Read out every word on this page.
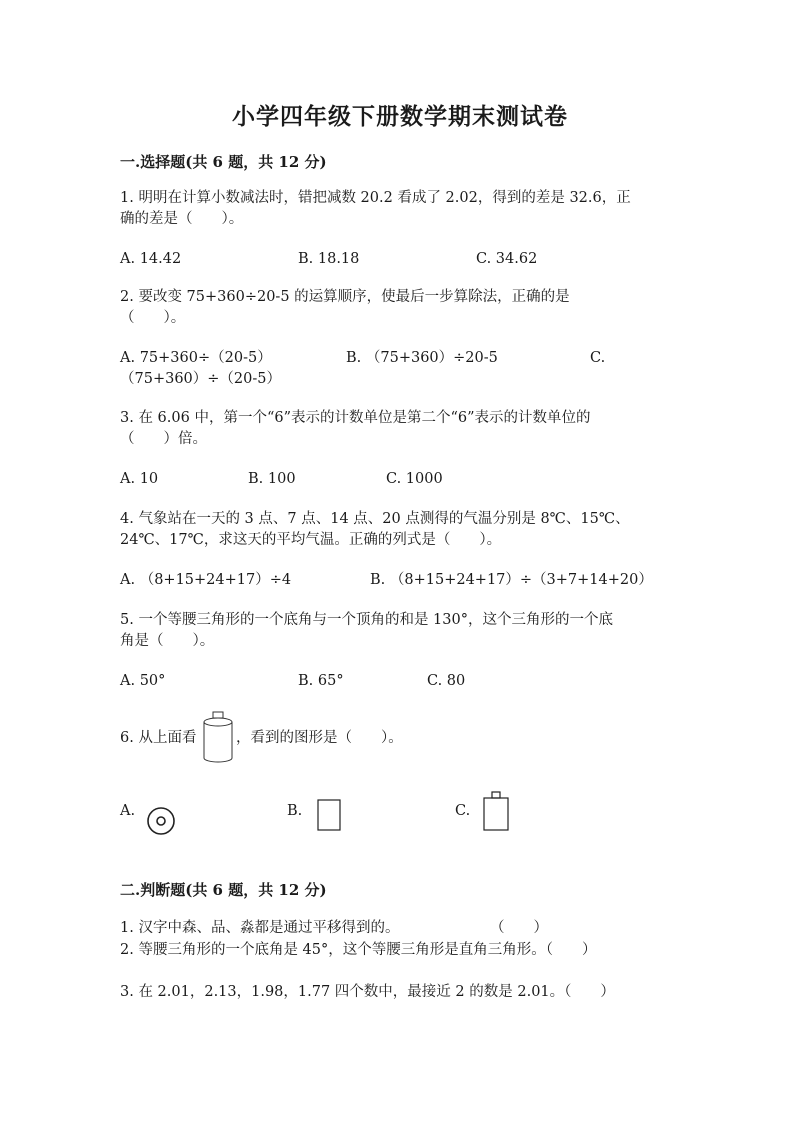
小学四年级下册数学期末测试卷
一.选择题(共 6 题，共 12 分)
1. 明明在计算小数减法时，错把减数 20.2 看成了 2.02，得到的差是 32.6，正
确的差是（　　）。
A. 14.42	B. 18.18	C. 34.62
2. 要改变 75+360÷20-5 的运算顺序，使最后一步算除法，正确的是
（　　）。
A. 75+360÷（20-5）	B. （75+360）÷20-5	C.
（75+360）÷（20-5）
3. 在 6.06 中，第一个“6”表示的计数单位是第二个“6”表示的计数单位的
（　　）倍。
A. 10	B. 100	C. 1000
4. 气象站在一天的 3 点、7 点、14 点、20 点测得的气温分别是 8℃、15℃、
24℃、17℃，求这天的平均气温。正确的列式是（　　）。
A. （8+15+24+17）÷4	B. （8+15+24+17）÷（3+7+14+20）
5. 一个等腰三角形的一个底角与一个顶角的和是 130°，这个三角形的一个底
角是（　　）。
A. 50°	B. 65°	C. 80
6. 从上面看	，看到的图形是（　　）。
A.	B.	C.
二.判断题(共 6 题，共 12 分)
1. 汉字中森、品、淼都是通过平移得到的。	（　　）
2. 等腰三角形的一个底角是 45°，这个等腰三角形是直角三角形。（　　）
3. 在 2.01，2.13，1.98，1.77 四个数中，最接近 2 的数是 2.01。（　　）
